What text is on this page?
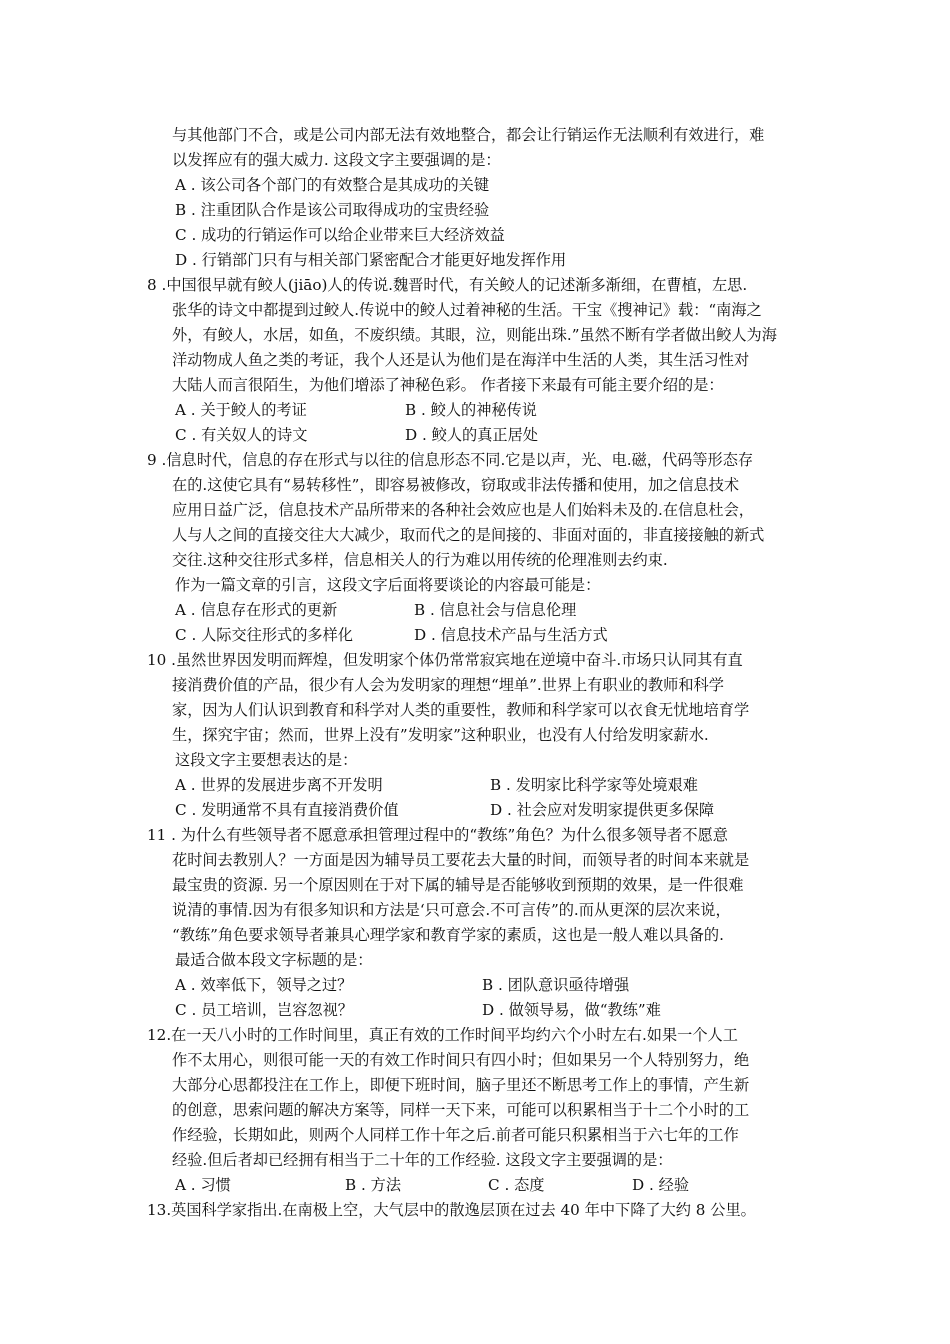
与其他部门不合，或是公司内部无法有效地整合，都会让行销运作无法顺利有效进行，难

以发挥应有的强大威力. 这段文字主要强调的是：

A . 该公司各个部门的有效整合是其成功的关键

B . 注重团队合作是该公司取得成功的宝贵经验

C . 成功的行销运作可以给企业带来巨大经济效益

D . 行销部门只有与相关部门紧密配合才能更好地发挥作用

8 .中国很早就有鲛人(jiāo)人的传说.魏晋时代，有关鲛人的记述渐多渐细，在曹植，左思.

张华的诗文中都提到过鲛人.传说中的鲛人过着神秘的生活。干宝《搜神记》载：“南海之

外，有鲛人，水居，如鱼，不废织绩。其眼，泣，则能出珠.”虽然不断有学者做出鲛人为海

洋动物成人鱼之类的考证，我个人还是认为他们是在海洋中生活的人类，其生活习性对

大陆人而言很陌生，为他们增添了神秘色彩。 作者接下来最有可能主要介绍的是：

A . 关于鲛人的考证	B . 鲛人的神秘传说

C . 有关奴人的诗文	D . 鲛人的真正居处

9 .信息时代，信息的存在形式与以往的信息形态不同.它是以声，光、电.磁，代码等形态存

在的.这使它具有“易转移性”，即容易被修改，窃取或非法传播和使用，加之信息技术

应用日益广泛，信息技术产品所带来的各种社会效应也是人们始料未及的.在信息杜会，

人与人之间的直接交往大大减少，取而代之的是间接的、非面对面的，非直接接触的新式

交往.这种交往形式多样，信息相关人的行为难以用传统的伦理准则去约束.

作为一篇文章的引言，这段文字后面将要谈论的内容最可能是：

A . 信息存在形式的更新	B . 信息社会与信息伦理

C . 人际交往形式的多样化	D . 信息技术产品与生活方式

10 .虽然世界因发明而辉煌，但发明家个体仍常常寂宾地在逆境中奋斗.市场只认同其有直

接消费价值的产品，很少有人会为发明家的理想“埋单”.世界上有职业的教师和科学

家，因为人们认识到教育和科学对人类的重要性，教师和科学家可以衣食无忧地培育学

生，探究宇宙；然而，世界上没有”发明家”这种职业，也没有人付给发明家薪水.

这段文字主要想表达的是：

A . 世界的发展进步离不开发明	B . 发明家比科学家等处境艰难

C . 发明通常不具有直接消费价值	D . 社会应对发明家提供更多保障

11 . 为什么有些领导者不愿意承担管理过程中的“教练”角色？为什么很多领导者不愿意

花时间去教别人？一方面是因为辅导员工要花去大量的时间，而领导者的时间本来就是

最宝贵的资源. 另一个原因则在于对下属的辅导是否能够收到预期的效果，是一件很难

说清的事情.因为有很多知识和方法是‘只可意会.不可言传”的.而从更深的层次来说，

“教练”角色要求领导者兼具心理学家和教育学家的素质，这也是一般人难以具备的.

最适合做本段文字标题的是：

A . 效率低下，领导之过？	B . 团队意识亟待增强

C . 员工培训，岂容忽视？	D . 做领导易，做“教练”难

12.在一天八小时的工作时间里，真正有效的工作时间平均约六个小时左右.如果一个人工

作不太用心，则很可能一天的有效工作时间只有四小时；但如果另一个人特别努力，绝

大部分心思都投注在工作上，即便下班时间，脑子里还不断思考工作上的事情，产生新

的创意，思索问题的解决方案等，同样一天下来，可能可以积累相当于十二个小时的工

作经验，长期如此，则两个人同样工作十年之后.前者可能只积累相当于六七年的工作

经验.但后者却已经拥有相当于二十年的工作经验. 这段文字主要强调的是：

A . 习惯	B . 方法	C . 态度	D . 经验

13.英国科学家指出.在南极上空，大气层中的散逸层顶在过去 40 年中下降了大约 8 公里。
